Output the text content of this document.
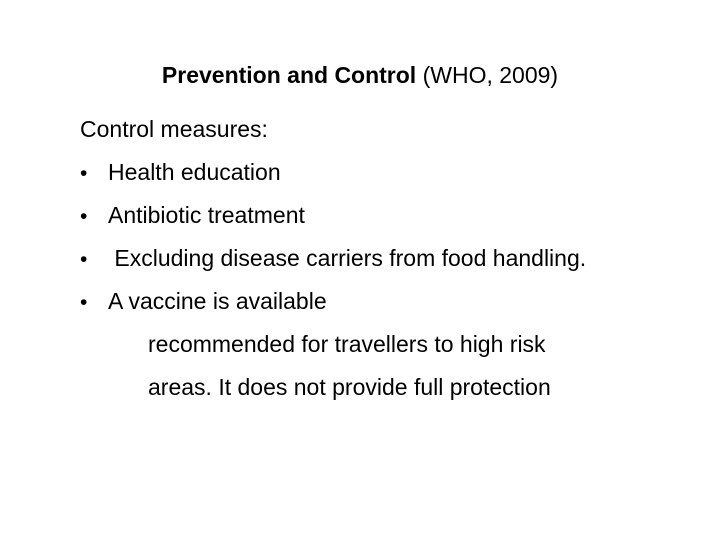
Prevention and Control (WHO, 2009)
Control measures:
• Health education
• Antibiotic treatment
• Excluding disease carriers from food handling.
• A vaccine is available
recommended for travellers to high risk
areas. It does not provide full protection
